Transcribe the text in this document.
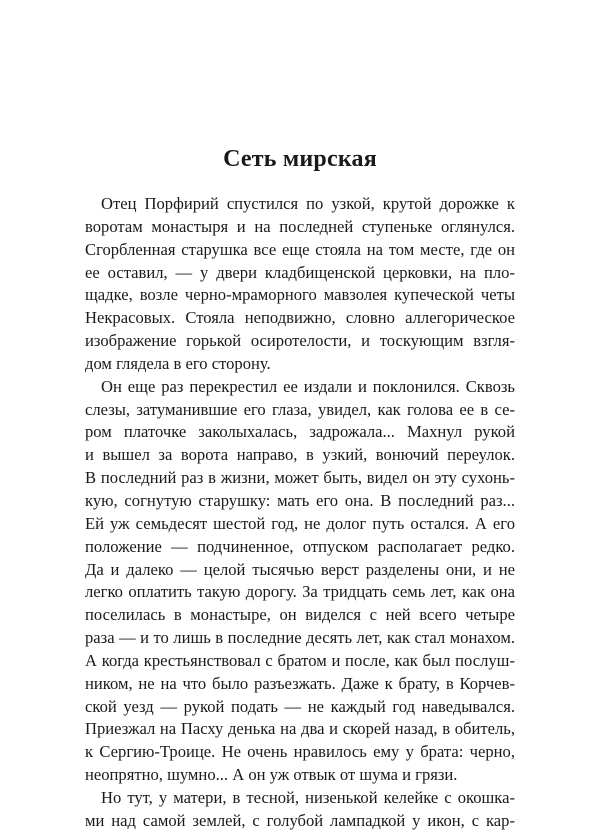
Сеть мирская
Отец Порфирий спустился по узкой, крутой дорожке к
воротам монастыря и на последней ступеньке оглянулся.
Сгорбленная старушка все еще стояла на том месте, где он
ее оставил, — у двери кладбищенской церковки, на пло-
щадке, возле черно-мраморного мавзолея купеческой четы
Некрасовых. Стояла неподвижно, словно аллегорическое
изображение горькой осиротелости, и тоскующим взгля-
дом глядела в его сторону.
Он еще раз перекрестил ее издали и поклонился. Сквозь
слезы, затуманившие его глаза, увидел, как голова ее в се-
ром платочке заколыхалась, задрожала... Махнул рукой
и вышел за ворота направо, в узкий, вонючий переулок.
В последний раз в жизни, может быть, видел он эту сухонь-
кую, согнутую старушку: мать его она. В последний раз...
Ей уж семьдесят шестой год, не долог путь остался. А его
положение — подчиненное, отпуском располагает редко.
Да и далеко — целой тысячью верст разделены они, и не
легко оплатить такую дорогу. За тридцать семь лет, как она
поселилась в монастыре, он виделся с ней всего четыре
раза — и то лишь в последние десять лет, как стал монахом.
А когда крестьянствовал с братом и после, как был послуш-
ником, не на что было разъезжать. Даже к брату, в Корчев-
ской уезд — рукой подать — не каждый год наведывался.
Приезжал на Пасху денька на два и скорей назад, в обитель,
к Сергию-Троице. Не очень нравилось ему у брата: черно,
неопрятно, шумно... А он уж отвык от шума и грязи.
Но тут, у матери, в тесной, низенькой келейке с окошка-
ми над самой землей, с голубой лампадкой у икон, с кар-
